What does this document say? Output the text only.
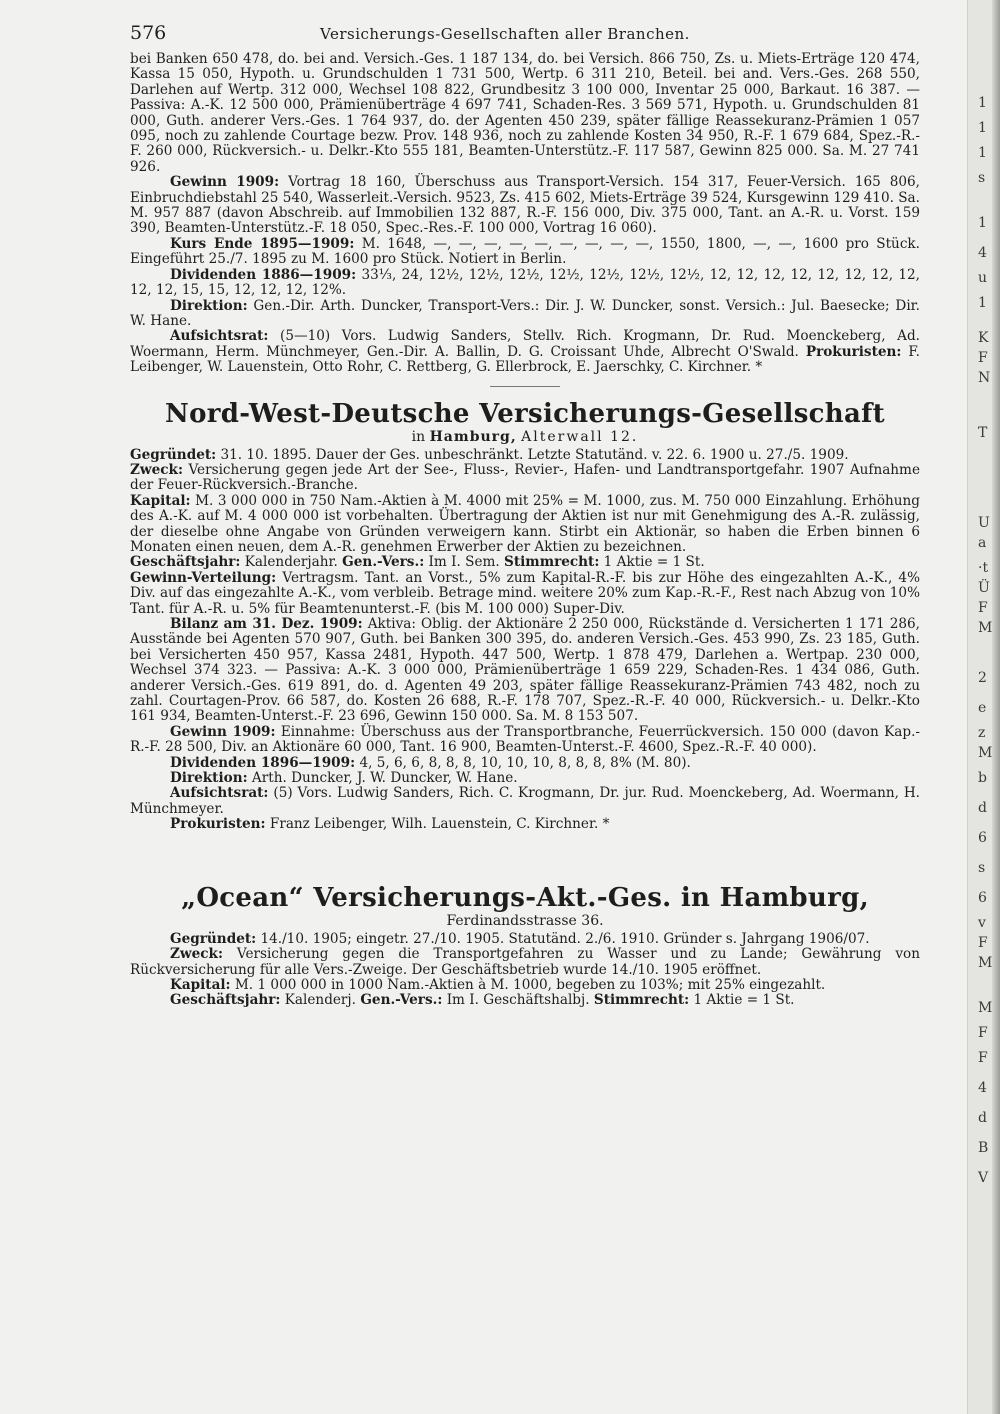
1
1
1
s
1
4
u
1
K
F
N
T
U
a
·t
Ü
F
M
2
e
z
M
b
d
6
s
6
v
F
M
M
F
F
4
d
B
V
576	Versicherungs-Gesellschaften aller Branchen.

bei Banken 650 478, do. bei and. Versich.-Ges. 1 187 134, do. bei Versich. 866 750, Zs. u. Miets-Erträge 120 474, Kassa 15 050, Hypoth. u. Grundschulden 1 731 500, Wertp. 6 311 210, Beteil. bei and. Vers.-Ges. 268 550, Darlehen auf Wertp. 312 000, Wechsel 108 822, Grundbesitz 3 100 000, Inventar 25 000, Barkaut. 16 387. — Passiva: A.-K. 12 500 000, Prämienüberträge 4 697 741, Schaden-Res. 3 569 571, Hypoth. u. Grundschulden 81 000, Guth. anderer Vers.-Ges. 1 764 937, do. der Agenten 450 239, später fällige Reassekuranz-Prämien 1 057 095, noch zu zahlende Courtage bezw. Prov. 148 936, noch zu zahlende Kosten 34 950, R.-F. 1 679 684, Spez.-R.-F. 260 000, Rückversich.- u. Delkr.-Kto 555 181, Beamten-Unterstütz.-F. 117 587, Gewinn 825 000. Sa. M. 27 741 926.

Gewinn 1909: Vortrag 18 160, Überschuss aus Transport-Versich. 154 317, Feuer-Versich. 165 806, Einbruchdiebstahl 25 540, Wasserleit.-Versich. 9523, Zs. 415 602, Miets-Erträge 39 524, Kursgewinn 129 410. Sa. M. 957 887 (davon Abschreib. auf Immobilien 132 887, R.-F. 156 000, Div. 375 000, Tant. an A.-R. u. Vorst. 159 390, Beamten-Unterstütz.-F. 18 050, Spec.-Res.-F. 100 000, Vortrag 16 060).

Kurs Ende 1895—1909: M. 1648, —, —, —, —, —, —, —, —, —, 1550, 1800, —, —, 1600 pro Stück. Eingeführt 25./7. 1895 zu M. 1600 pro Stück. Notiert in Berlin.

Dividenden 1886—1909: 33⅓, 24, 12½, 12½, 12½, 12½, 12½, 12½, 12½, 12, 12, 12, 12, 12, 12, 12, 12, 12, 12, 15, 15, 12, 12, 12, 12%.

Direktion: Gen.-Dir. Arth. Duncker, Transport-Vers.: Dir. J. W. Duncker, sonst. Versich.: Jul. Baesecke; Dir. W. Hane.

Aufsichtsrat: (5—10) Vors. Ludwig Sanders, Stellv. Rich. Krogmann, Dr. Rud. Moenckeberg, Ad. Woermann, Herm. Münchmeyer, Gen.-Dir. A. Ballin, D. G. Croissant Uhde, Albrecht O'Swald. Prokuristen: F. Leibenger, W. Lauenstein, Otto Rohr, C. Rettberg, G. Ellerbrock, E. Jaerschky, C. Kirchner. *

Nord-West-Deutsche Versicherungs-Gesellschaft
in Hamburg, Alterwall 12.

Gegründet: 31. 10. 1895. Dauer der Ges. unbeschränkt. Letzte Statutänd. v. 22. 6. 1900 u. 27./5. 1909.

Zweck: Versicherung gegen jede Art der See-, Fluss-, Revier-, Hafen- und Landtransportgefahr. 1907 Aufnahme der Feuer-Rückversich.-Branche.

Kapital: M. 3 000 000 in 750 Nam.-Aktien à M. 4000 mit 25% = M. 1000, zus. M. 750 000 Einzahlung. Erhöhung des A.-K. auf M. 4 000 000 ist vorbehalten. Übertragung der Aktien ist nur mit Genehmigung des A.-R. zulässig, der dieselbe ohne Angabe von Gründen verweigern kann. Stirbt ein Aktionär, so haben die Erben binnen 6 Monaten einen neuen, dem A.-R. genehmen Erwerber der Aktien zu bezeichnen.

Geschäftsjahr: Kalenderjahr. Gen.-Vers.: Im I. Sem. Stimmrecht: 1 Aktie = 1 St.

Gewinn-Verteilung: Vertragsm. Tant. an Vorst., 5% zum Kapital-R.-F. bis zur Höhe des eingezahlten A.-K., 4% Div. auf das eingezahlte A.-K., vom verbleib. Betrage mind. weitere 20% zum Kap.-R.-F., Rest nach Abzug von 10% Tant. für A.-R. u. 5% für Beamtenunterst.-F. (bis M. 100 000) Super-Div.

Bilanz am 31. Dez. 1909: Aktiva: Oblig. der Aktionäre 2 250 000, Rückstände d. Versicherten 1 171 286, Ausstände bei Agenten 570 907, Guth. bei Banken 300 395, do. anderen Versich.-Ges. 453 990, Zs. 23 185, Guth. bei Versicherten 450 957, Kassa 2481, Hypoth. 447 500, Wertp. 1 878 479, Darlehen a. Wertpap. 230 000, Wechsel 374 323. — Passiva: A.-K. 3 000 000, Prämienüberträge 1 659 229, Schaden-Res. 1 434 086, Guth. anderer Versich.-Ges. 619 891, do. d. Agenten 49 203, später fällige Reassekuranz-Prämien 743 482, noch zu zahl. Courtagen-Prov. 66 587, do. Kosten 26 688, R.-F. 178 707, Spez.-R.-F. 40 000, Rückversich.- u. Delkr.-Kto 161 934, Beamten-Unterst.-F. 23 696, Gewinn 150 000. Sa. M. 8 153 507.

Gewinn 1909: Einnahme: Überschuss aus der Transportbranche, Feuerrückversich. 150 000 (davon Kap.-R.-F. 28 500, Div. an Aktionäre 60 000, Tant. 16 900, Beamten-Unterst.-F. 4600, Spez.-R.-F. 40 000).

Dividenden 1896—1909: 4, 5, 6, 6, 8, 8, 8, 10, 10, 10, 8, 8, 8, 8% (M. 80).

Direktion: Arth. Duncker, J. W. Duncker, W. Hane.

Aufsichtsrat: (5) Vors. Ludwig Sanders, Rich. C. Krogmann, Dr. jur. Rud. Moenckeberg, Ad. Woermann, H. Münchmeyer.

Prokuristen: Franz Leibenger, Wilh. Lauenstein, C. Kirchner. *

„Ocean“ Versicherungs-Akt.-Ges. in Hamburg,
Ferdinandsstrasse 36.

Gegründet: 14./10. 1905; eingetr. 27./10. 1905. Statutänd. 2./6. 1910. Gründer s. Jahrgang 1906/07.

Zweck: Versicherung gegen die Transportgefahren zu Wasser und zu Lande; Gewährung von Rückversicherung für alle Vers.-Zweige. Der Geschäftsbetrieb wurde 14./10. 1905 eröffnet.

Kapital: M. 1 000 000 in 1000 Nam.-Aktien à M. 1000, begeben zu 103%; mit 25% eingezahlt.

Geschäftsjahr: Kalenderj. Gen.-Vers.: Im I. Geschäftshalbj. Stimmrecht: 1 Aktie = 1 St.
